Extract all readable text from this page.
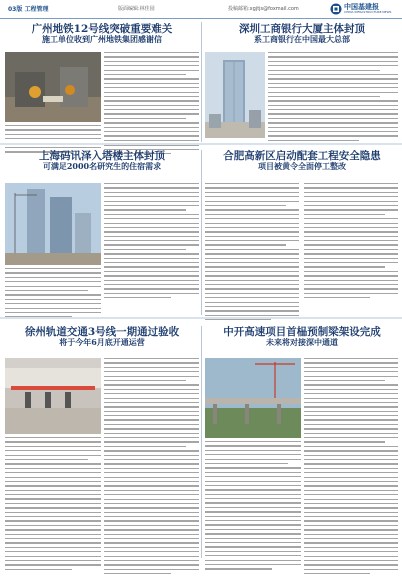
03版 工程管理	版面编辑:林佳园	投稿邮箱:xgjtjs@foxmail.com	中国基建报
CHINA INFRASTRUCTURE NEWS
广州地铁12号线突破重要难关
施工单位收到广州地铁集团感谢信
深圳工商银行大厦主体封顶
系工商银行在中国最大总部
上海码讯泽入塔楼主体封顶
可满足2000名研究生的住宿需求
合肥高新区启动配套工程安全隐患
项目被黄令全面停工整改
徐州轨道交通3号线一期通过验收
将于今年6月底开通运营
中开高速项目首榀预制梁架设完成
未来将对接深中通道
